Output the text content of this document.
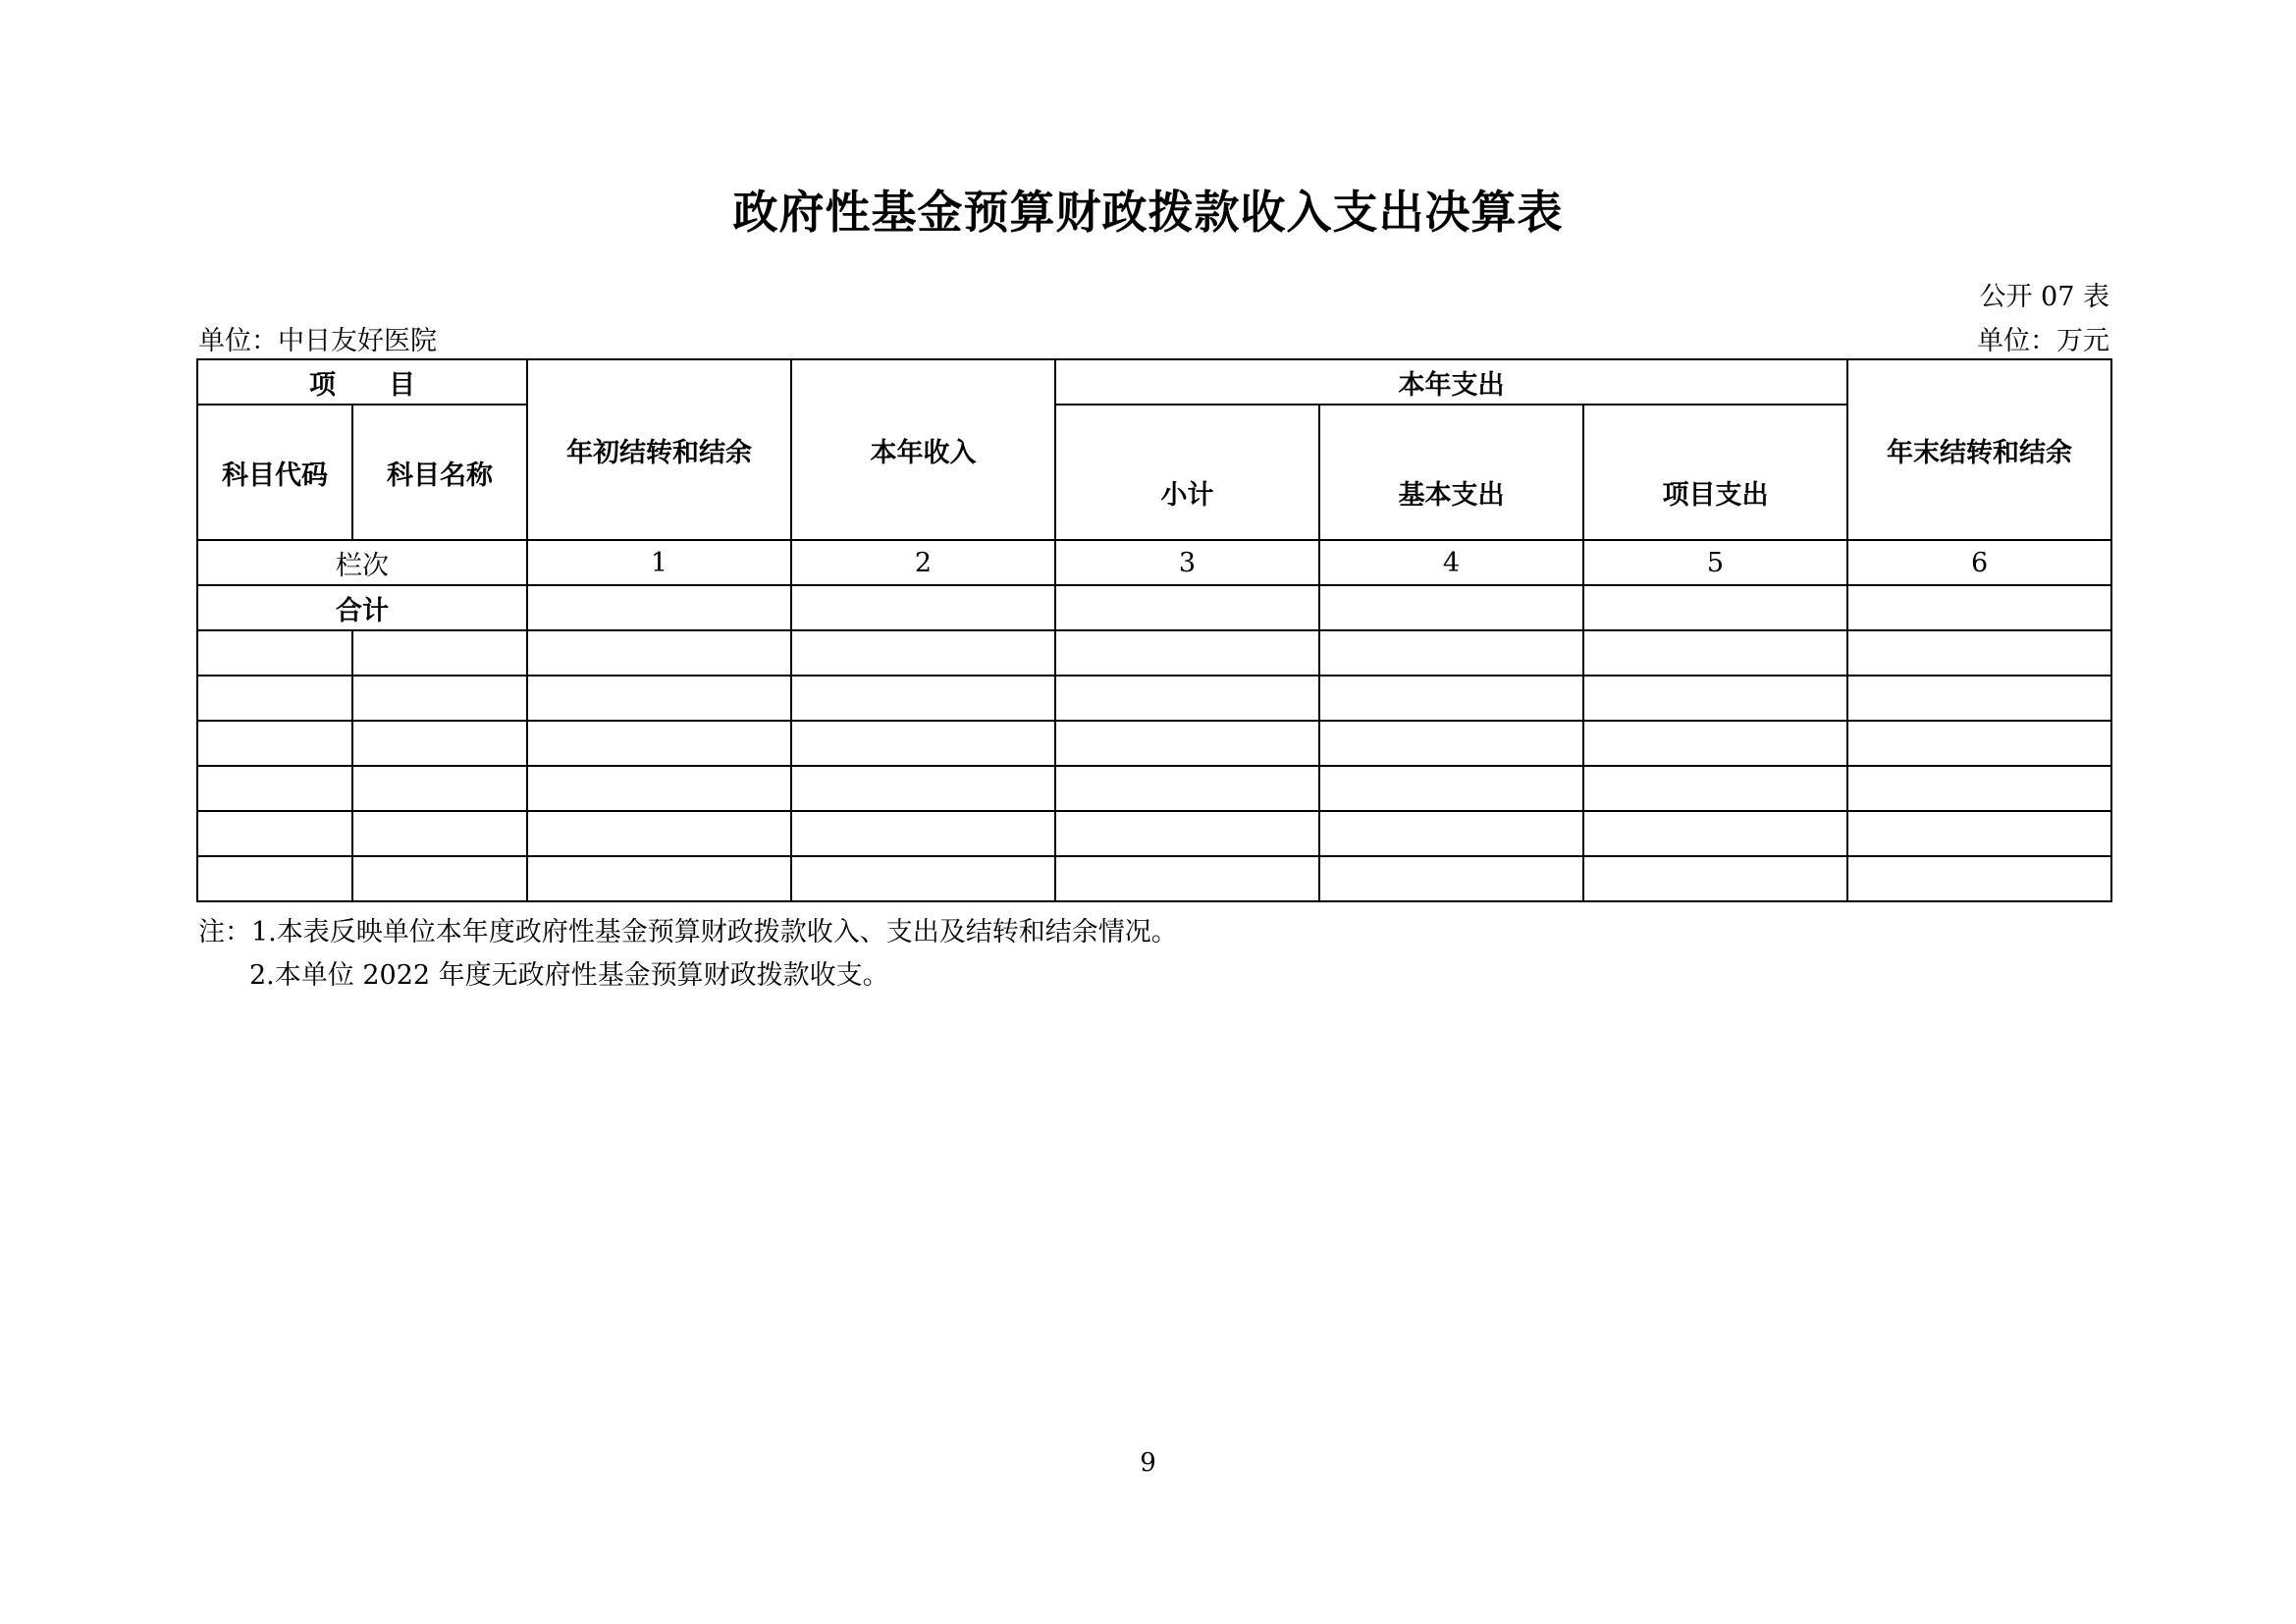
政府性基金预算财政拨款收入支出决算表
公开 07 表
单位：中日友好医院	单位：万元
项　　目		年初结转和结余	本年收入	本年支出			年末结转和结余
科目代码	科目名称			小计	基本支出	项目支出	
栏次		1	2	3	4	5	6
合计							

注：1.本表反映单位本年度政府性基金预算财政拨款收入、支出及结转和结余情况。
2.本单位 2022 年度无政府性基金预算财政拨款收支。
9
